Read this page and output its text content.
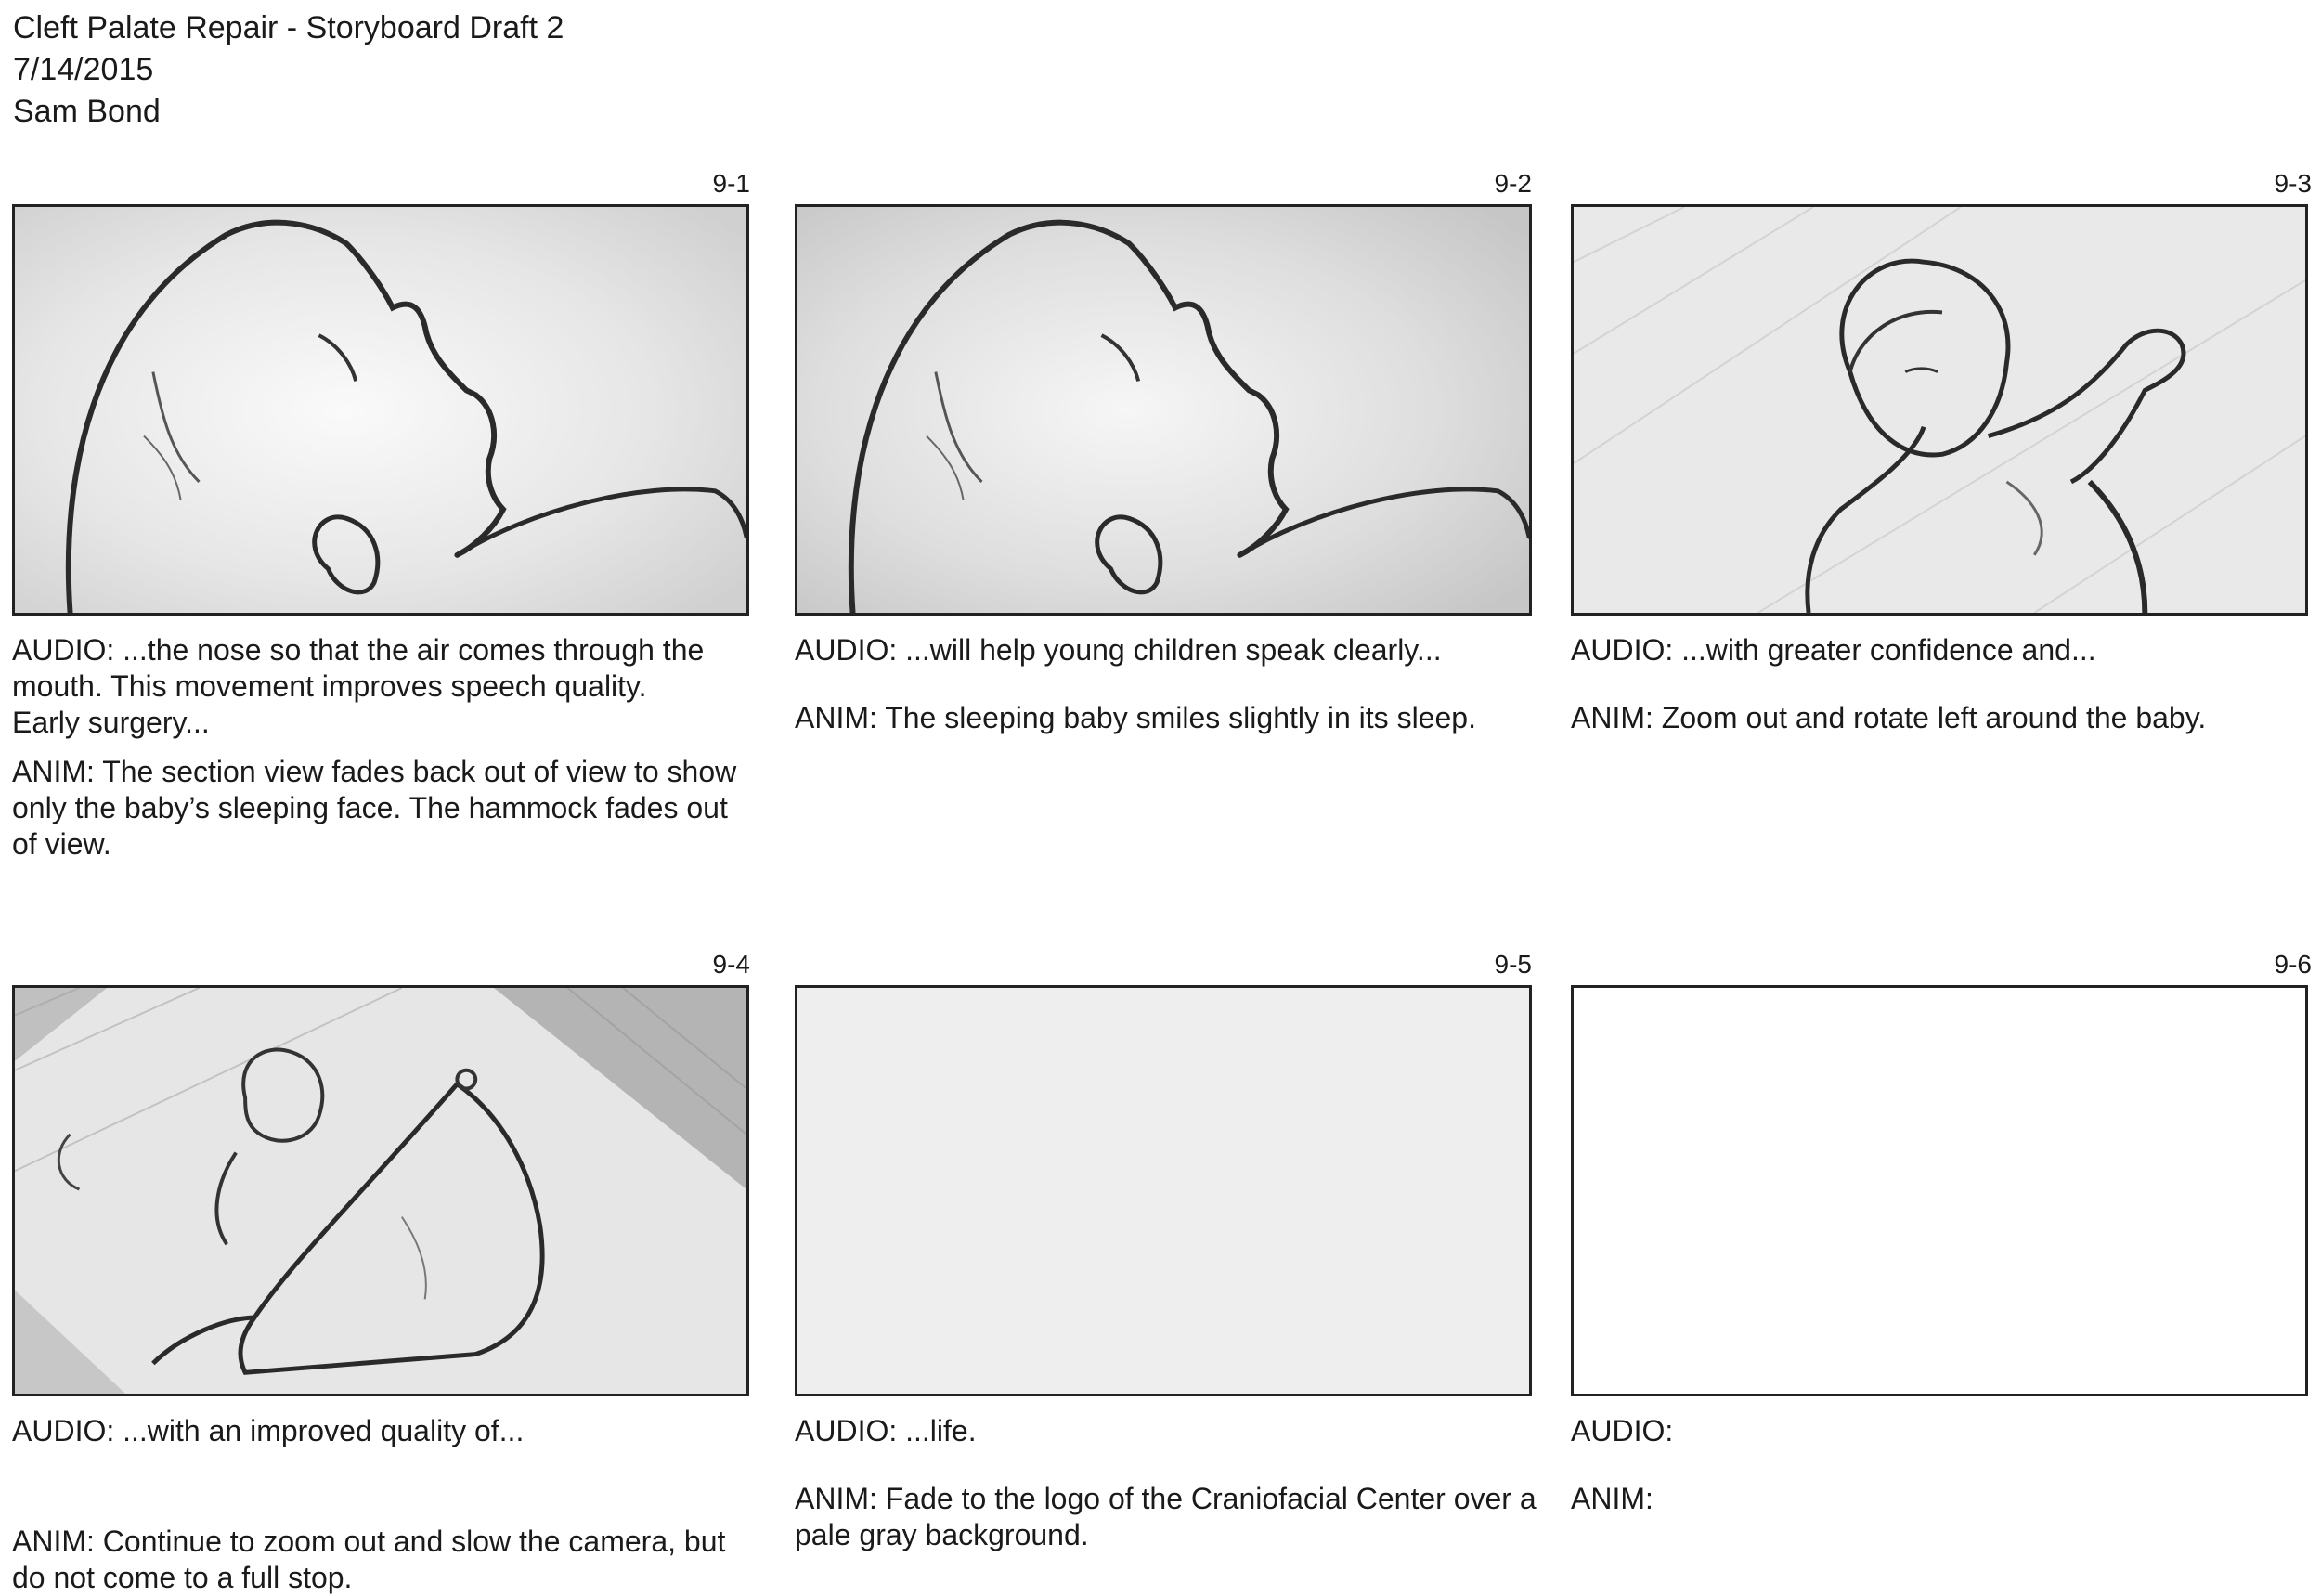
Cleft Palate Repair - Storyboard Draft 2
7/14/2015
Sam Bond
9-1

AUDIO: ...the nose so that the air comes through the

mouth. This movement improves speech quality.

Early surgery...

ANIM: The section view fades back out of view to show

only the baby’s sleeping face. The hammock fades out

of view.

9-2

AUDIO: ...will help young children speak clearly...

ANIM: The sleeping baby smiles slightly in its sleep.

9-3

AUDIO: ...with greater confidence and...

ANIM: Zoom out and rotate left around the baby.

9-4

AUDIO: ...with an improved quality of...

ANIM: Continue to zoom out and slow the camera, but

do not come to a full stop.

9-5

AUDIO: ...life.

ANIM: Fade to the logo of the Craniofacial Center over a

pale gray background.

9-6

AUDIO:

ANIM:
